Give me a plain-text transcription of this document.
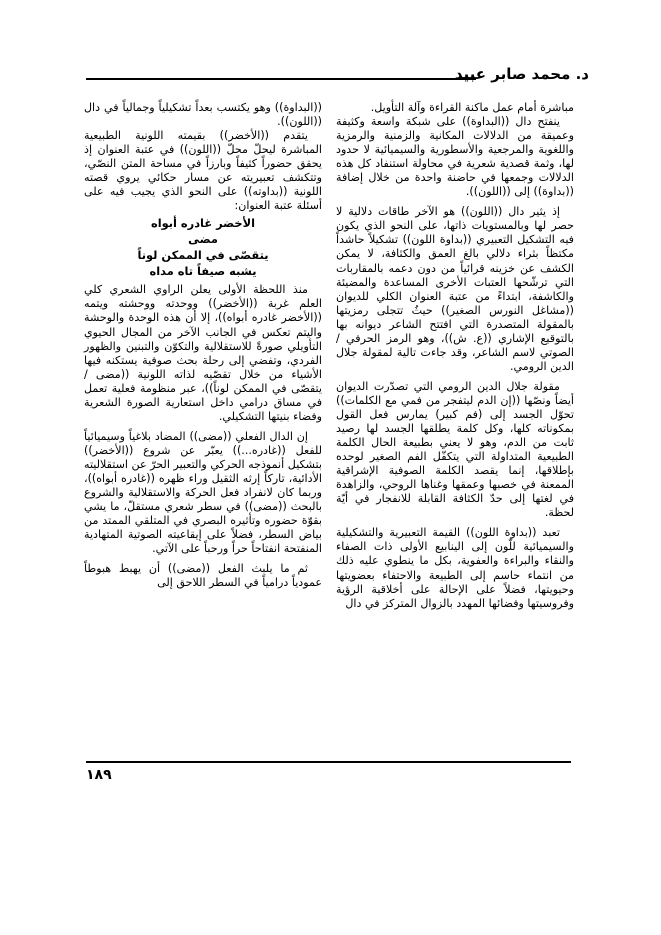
د. محمد صابر عبيد

مباشرة أمام عمل ماكنة القراءة وآلة التأويل.

ينفتح دال ((البداوة)) على شبكة واسعة وكثيفة وعميقة من الدلالات المكانية والزمنية والرمزية واللغوية والمرجعية والأسطورية والسيميائية لا حدود لها، وثمة قصدية شعرية في محاولة استنفاد كل هذه الدلالات وجمعها في حاضنة واحدة من خلال إضافة ((بداوة)) إلى ((اللون)).

إذ يثير دال ((اللون)) هو الآخر طاقات دلالية لا حصر لها وبالمستويات ذاتها، على النحو الذي يكون فيه التشكيل التعبيري ((بداوة اللون)) تشكيلاً حاشداً مكتظاً بثراء دلالي بالغ العمق والكثافة، لا يمكن الكشف عن خزينه قرائياً من دون دعمه بالمقاربات التي ترشّحها العتبات الأخرى المساعدة والمضيئة والكاشفة، ابتداءً من عتبة العنوان الكلي للديوان ((مشاغل النورس الصغير)) حيثُ تتجلى رمزيتها بالمقولة المتصدرة التي افتتح الشاعر ديوانه بها بالتوقيع الإشاري ((ع. ش))، وهو الرمز الحرفي /الصوتي لاسم الشاعر، وقد جاءت تالية لمقولة جلال الدين الرومي.

مقولة جلال الدين الرومي التي تصدّرت الديوان أيضاً ونصّها ((إن الدم ليتفجر من فمي مع الكلمات)) تحوّل الجسد إلى (فم كبير) يمارس فعل القول بمكوناته كلها، وكل كلمة يطلقها الجسد لها رصيد ثابت من الدم، وهو لا يعني بطبيعة الحال الكلمة الطبيعية المتداولة التي يتكفّل الفم الصغير لوحده بإطلاقها، إنما يقصد الكلمة الصوفية الإشراقية الممعنة في خصبها وعمقها وغناها الروحي، والزاهدة في لغتها إلى حدّ الكثافة القابلة للانفجار في أيّة لحظة.

تعبد ((بداوة اللون)) القيمة التعبيرية والتشكيلية والسيميائية للّون إلى الينابيع الأولى ذات الصفاء والنقاء والبراءة والعفوية، بكل ما ينطوي عليه ذلك من انتماء حاسم إلى الطبيعة والاحتفاء بعضويتها وحيويتها، فضلاً على الإحالة على أخلاقية الرؤية وفروسيتها وفضائها المهدد بالزوال المتركز في دال

((البداوة)) وهو يكتسب بعداً تشكيلياً وجمالياً في دال ((اللون)).

يتقدم ((الأخضر)) بقيمته اللونية الطبيعية المباشرة ليحلّ محلّ ((اللون)) في عتبة العنوان إذ يحقق حضوراً كثيفاً وبارزاً في مساحة المتن النصّي، وتتكشف تعبيريته عن مسار حكائي يروي قصته اللونية ((بداوته)) على النحو الذي يجيب فيه على أسئلة عتبة العنوان:

الأخضر غادره أبواه
مضى
يتقصّى في الممكن لوناً
يشبه صيفاً تاه مداه

منذ اللحظة الأولى يعلن الراوي الشعري كلي العلم غربة ((الأخضر)) ووحدته ووحشته ويتمه ((الأخضر غادره أبواه))، إلا أن هذه الوحدة والوحشة واليتم تعكس في الجانب الآخر من المجال الحيوي التأويلي صورةً للاستقلالية والتكوّن والتبنين والظهور الفردي، وتفضي إلى رحلة بحث صوفية يستكنه فيها الأشياء من خلال تقصّيه لذاته اللونية ((مضى / يتقصّى في الممكن لوناً))، عبر منظومة فعلية تعمل في مساق درامي داخل استعارية الصورة الشعرية وفضاء بنيتها التشكيلي.

إن الدال الفعلي ((مضى)) المضاد بلاغياً وسيميائياً للفعل ((غادره...)) يعبّر عن شروع ((الأخضر)) بتشكيل أنموذجه الحركي والتعبير الحرّ عن استقلاليته الأدائية، تاركاً إرثه الثقيل وراء ظهره ((غادره أبواه))، وربما كان لانفراد فعل الحركة والاستقلالية والشروع بالبحث ((مضى)) في سطر شعري مستقلّ، ما يشي بقوّة حضوره وتأثيره البصري في المتلقي الممتد من بياض السطر، فضلاً على إيقاعيته الصوتية المتهادية المنفتحة انفتاحاً حراً ورحباً على الآتي.

ثم ما يلبث الفعل ((مضى)) أن يهبط هبوطاً عمودياً درامياً في السطر اللاحق إلى

١٨٩
